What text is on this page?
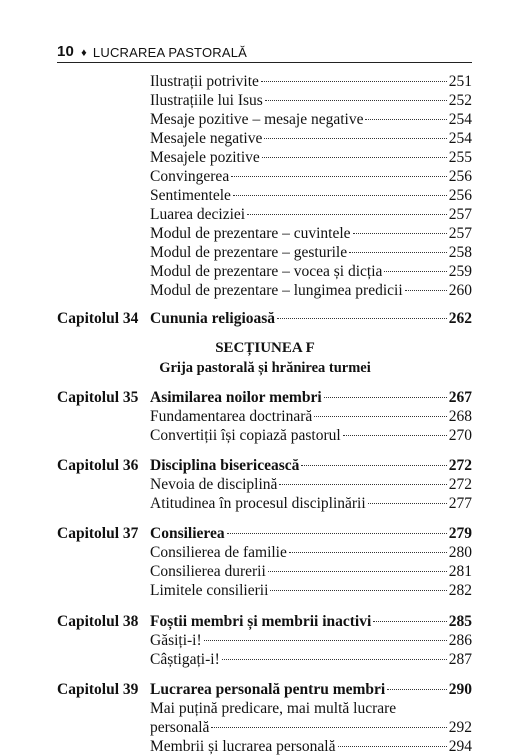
10 ♦ LUCRAREA PASTORALĂ
Ilustrații potrivite	251
Ilustrațiile lui Isus	252
Mesaje pozitive – mesaje negative	254
Mesajele negative	254
Mesajele pozitive	255
Convingerea	256
Sentimentele	256
Luarea deciziei	257
Modul de prezentare – cuvintele	257
Modul de prezentare – gesturile	258
Modul de prezentare – vocea și dicția	259
Modul de prezentare – lungimea predicii	260
Capitolul 34 Cununia religioasă	262
SECȚIUNEA F
Grija pastorală și hrănirea turmei
Capitolul 35 Asimilarea noilor membri	267
Fundamentarea doctrinară	268
Convertiții își copiază pastorul	270
Capitolul 36 Disciplina bisericească	272
Nevoia de disciplină	272
Atitudinea în procesul disciplinării	277
Capitolul 37 Consilierea	279
Consilierea de familie	280
Consilierea durerii	281
Limitele consilierii	282
Capitolul 38 Foștii membri și membrii inactivi	285
Găsiți-i!	286
Câștigați-i!	287
Capitolul 39 Lucrarea personală pentru membri	290
Mai puțină predicare, mai multă lucrare
personală	292
Membrii și lucrarea personală	294
